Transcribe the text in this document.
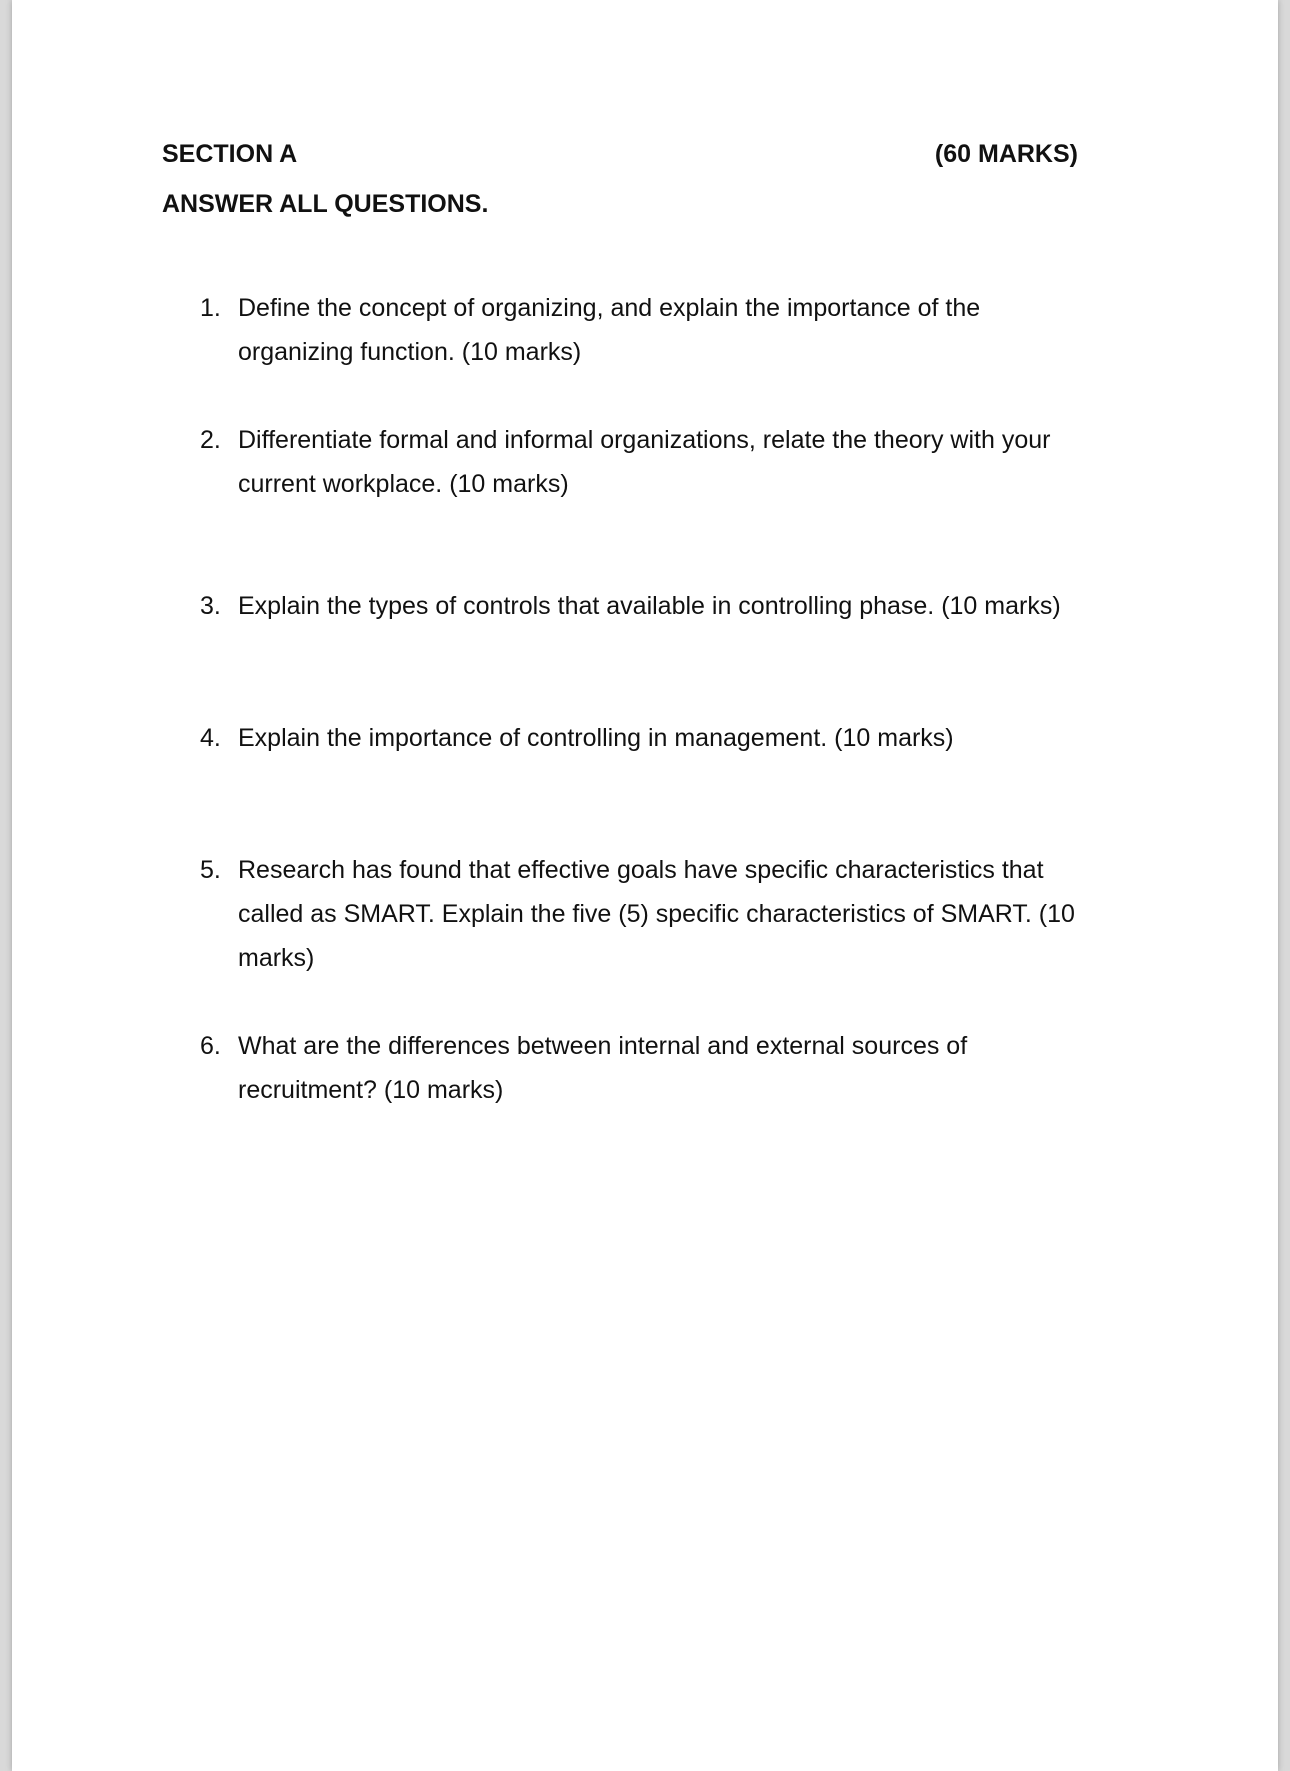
SECTION A	(60 MARKS)
ANSWER ALL QUESTIONS.
1. Define the concept of organizing, and explain the importance of the organizing function. (10 marks)
2. Differentiate formal and informal organizations, relate the theory with your current workplace. (10 marks)
3. Explain the types of controls that available in controlling phase. (10 marks)
4. Explain the importance of controlling in management. (10 marks)
5. Research has found that effective goals have specific characteristics that called as SMART. Explain the five (5) specific characteristics of SMART. (10 marks)
6. What are the differences between internal and external sources of recruitment? (10 marks)
